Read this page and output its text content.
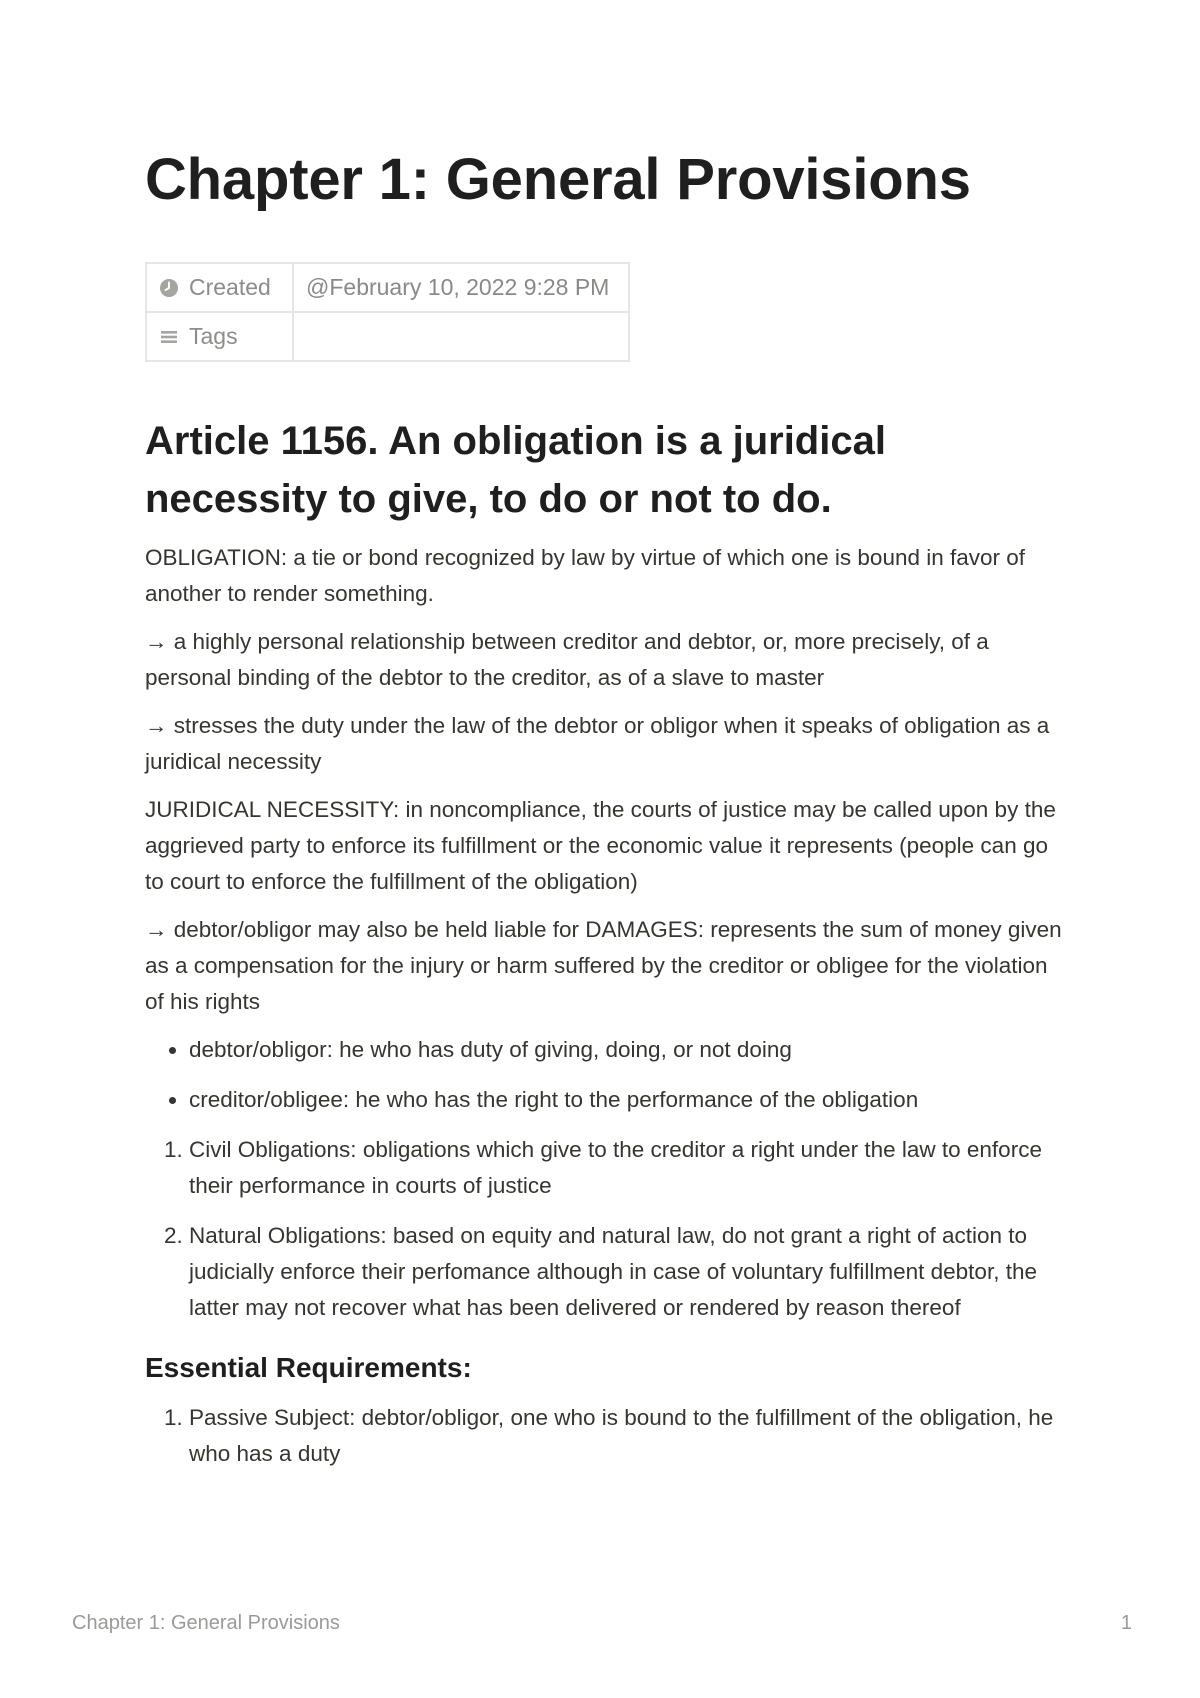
Chapter 1: General Provisions
Created	@February 10, 2022 9:28 PM
Tags	
Article 1156. An obligation is a juridical necessity to give, to do or not to do.

OBLIGATION: a tie or bond recognized by law by virtue of which one is bound in favor of another to render something.

→ a highly personal relationship between creditor and debtor, or, more precisely, of a personal binding of the debtor to the creditor, as of a slave to master

→ stresses the duty under the law of the debtor or obligor when it speaks of obligation as a juridical necessity

JURIDICAL NECESSITY: in noncompliance, the courts of justice may be called upon by the aggrieved party to enforce its fulfillment or the economic value it represents (people can go to court to enforce the fulfillment of the obligation)

→ debtor/obligor may also be held liable for DAMAGES: represents the sum of money given as a compensation for the injury or harm suffered by the creditor or obligee for the violation of his rights

• debtor/obligor: he who has duty of giving, doing, or not doing
• creditor/obligee: he who has the right to the performance of the obligation
1. Civil Obligations: obligations which give to the creditor a right under the law to enforce their performance in courts of justice
2. Natural Obligations: based on equity and natural law, do not grant a right of action to judicially enforce their perfomance although in case of voluntary fulfillment debtor, the latter may not recover what has been delivered or rendered by reason thereof
Essential Requirements:
1. Passive Subject: debtor/obligor, one who is bound to the fulfillment of the obligation, he who has a duty
Chapter 1: General Provisions	1
